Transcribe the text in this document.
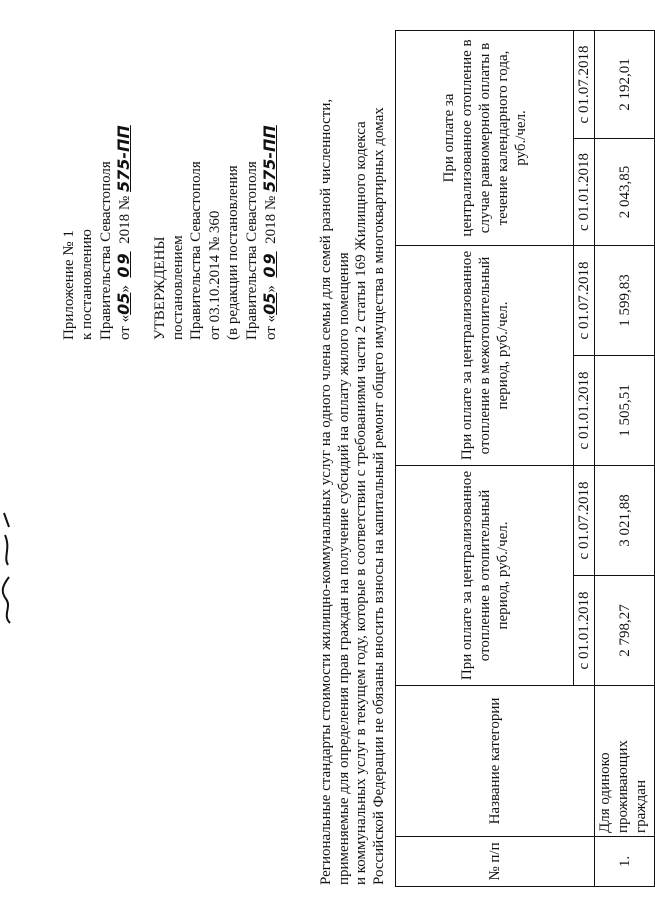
Приложение № 1 к постановлению Правительства Севастополя от «05»  09  2018 № 575-ПП
УТВЕРЖДЕНЫ постановлением Правительства Севастополя от 03.10.2014 № 360 (в редакции постановления Правительства Севастополя от «05»  09  2018 № 575-ПП	Региональные стандарты стоимости жилищно-коммунальных услуг на одного члена семьи для семей разной численности, применяемые для определения прав граждан на получение субсидий на оплату жилого помещения и коммунальных услуг в текущем году, которые в соответствии с требованиями части 2 статьи 169 Жилищного кодекса Российской Федерации не обязаны вносить взносы на капитальный ремонт общего имущества в многоквартирных домах	№ п/п	Название категории	При оплате за централизованное отопление в отопительный период, руб./чел.		При оплате за централизованное отопление в межотопительный период, руб./чел.		При оплате за централизованное отопление в случае равномерной оплаты в течение календарного года, руб./чел.	
		с 01.01.2018	с 01.07.2018	с 01.01.2018	с 01.07.2018	с 01.01.2018	с 01.07.2018
1.	Для одиноко проживающих граждан	2 798,27	3 021,88	1 505,51	1 599,83	2 043,85	2 192,01
